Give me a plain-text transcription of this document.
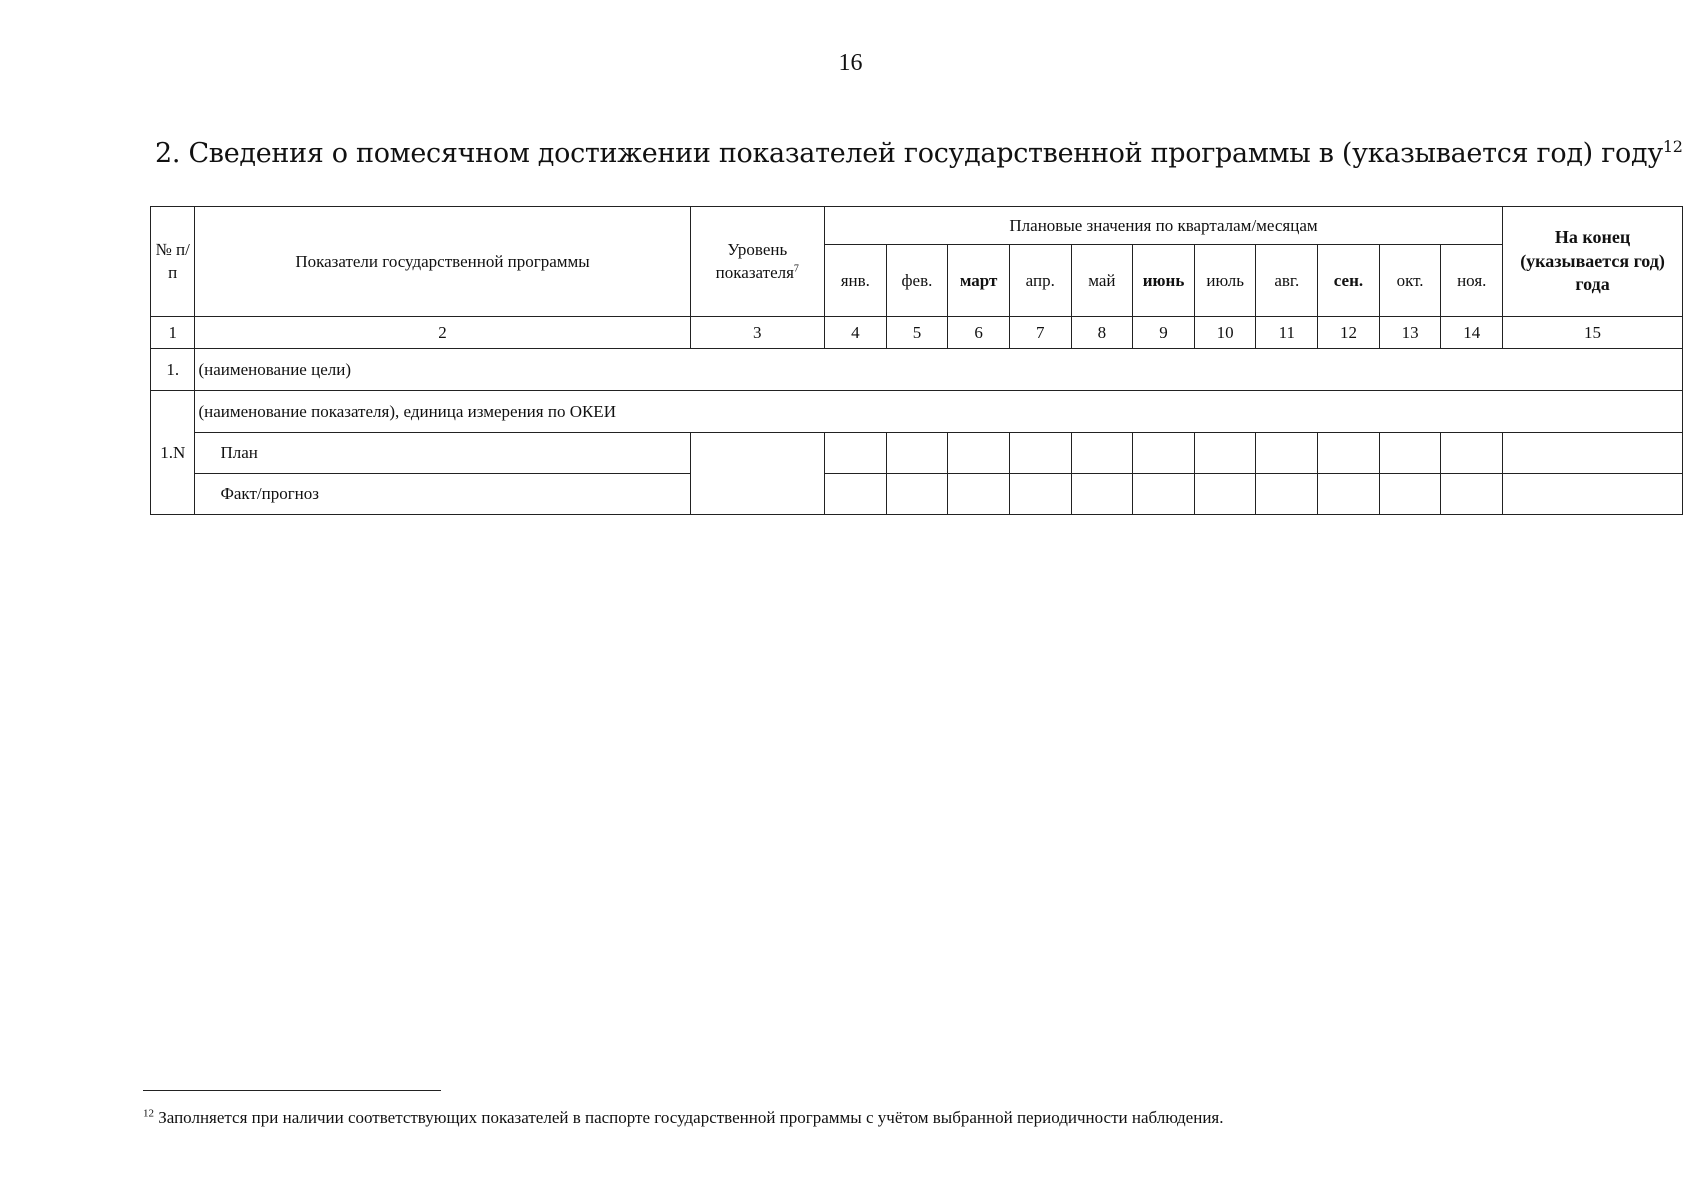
16
2. Сведения о помесячном достижении показателей государственной программы в (указывается год) году$^{12}$
№ п/п	Показатели государственной программы	Уровень показателя$^7$	Плановые значения по кварталам/месяцам											На конец (указывается год) года
			янв.	фев.	март	апр.	май	июнь	июль	авг.	сен.	окт.	ноя.	
1	2	3	4	5	6	7	8	9	10	11	12	13	14	15
1.	(наименование цели)													
1.N	(наименование показателя), единица измерения по ОКЕИ													
	План													
	Факт/прогноз													
$^{12}$ Заполняется при наличии соответствующих показателей в паспорте государственной программы с учётом выбранной периодичности наблюдения.
